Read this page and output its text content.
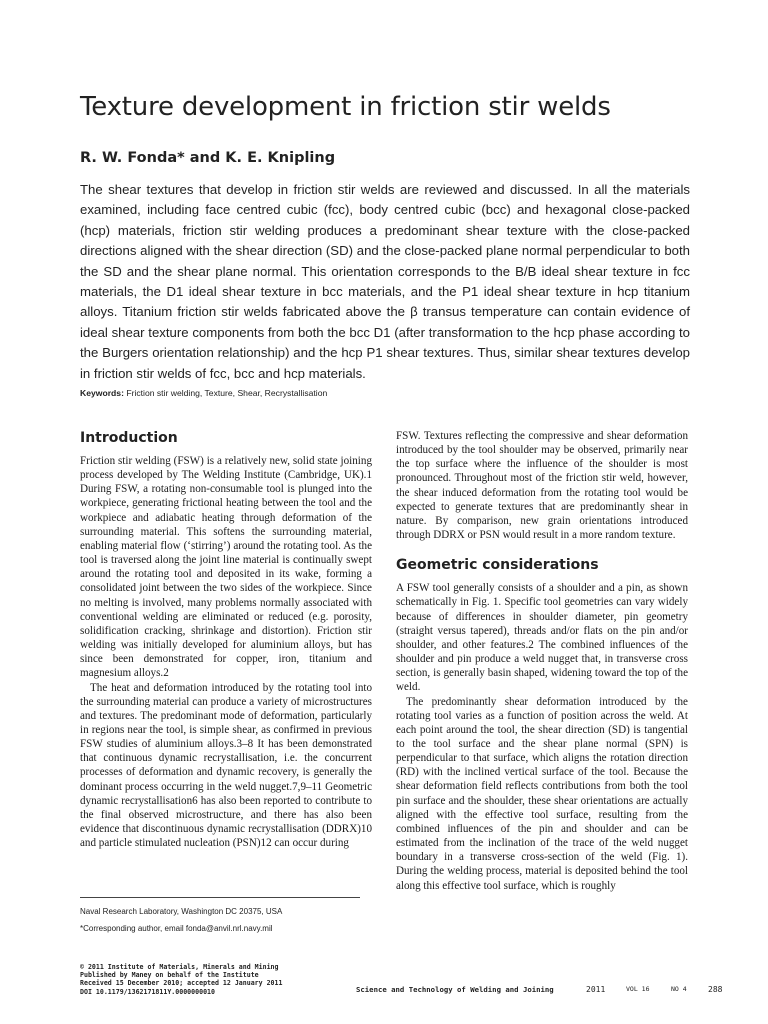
Texture development in friction stir welds
R. W. Fonda* and K. E. Knipling

The shear textures that develop in friction stir welds are reviewed and discussed. In all the materials examined, including face centred cubic (fcc), body centred cubic (bcc) and hexagonal close-packed (hcp) materials, friction stir welding produces a predominant shear texture with the close-packed directions aligned with the shear direction (SD) and the close-packed plane normal perpendicular to both the SD and the shear plane normal. This orientation corresponds to the B/B ideal shear texture in fcc materials, the D1 ideal shear texture in bcc materials, and the P1 ideal shear texture in hcp titanium alloys. Titanium friction stir welds fabricated above the β transus temperature can contain evidence of ideal shear texture components from both the bcc D1 (after transformation to the hcp phase according to the Burgers orientation relationship) and the hcp P1 shear textures. Thus, similar shear textures develop in friction stir welds of fcc, bcc and hcp materials.

Keywords: Friction stir welding, Texture, Shear, Recrystallisation
Introduction

Friction stir welding (FSW) is a relatively new, solid state joining process developed by The Welding Institute (Cambridge, UK).1 During FSW, a rotating non-consumable tool is plunged into the workpiece, generating frictional heating between the tool and the workpiece and adiabatic heating through deformation of the surrounding material. This softens the surrounding material, enabling material flow (‘stirring’) around the rotating tool. As the tool is traversed along the joint line material is continually swept around the rotating tool and deposited in its wake, forming a consolidated joint between the two sides of the workpiece. Since no melting is involved, many problems normally associated with conventional welding are eliminated or reduced (e.g. porosity, solidification cracking, shrinkage and distortion). Friction stir welding was initially developed for aluminium alloys, but has since been demonstrated for copper, iron, titanium and magnesium alloys.2

The heat and deformation introduced by the rotating tool into the surrounding material can produce a variety of microstructures and textures. The predominant mode of deformation, particularly in regions near the tool, is simple shear, as confirmed in previous FSW studies of aluminium alloys.3–8 It has been demonstrated that continuous dynamic recrystallisation, i.e. the concurrent processes of deformation and dynamic recovery, is generally the dominant process occurring in the weld nugget.7,9–11 Geometric dynamic recrystallisation6 has also been reported to contribute to the final observed microstructure, and there has also been evidence that discontinuous dynamic recrystallisation (DDRX)10 and particle stimulated nucleation (PSN)12 can occur during

FSW. Textures reflecting the compressive and shear deformation introduced by the tool shoulder may be observed, primarily near the top surface where the influence of the shoulder is most pronounced. Throughout most of the friction stir weld, however, the shear induced deformation from the rotating tool would be expected to generate textures that are predominantly shear in nature. By comparison, new grain orientations introduced through DDRX or PSN would result in a more random texture.

Geometric considerations

A FSW tool generally consists of a shoulder and a pin, as shown schematically in Fig. 1. Specific tool geometries can vary widely because of differences in shoulder diameter, pin geometry (straight versus tapered), threads and/or flats on the pin and/or shoulder, and other features.2 The combined influences of the shoulder and pin produce a weld nugget that, in transverse cross section, is generally basin shaped, widening toward the top of the weld.

The predominantly shear deformation introduced by the rotating tool varies as a function of position across the weld. At each point around the tool, the shear direction (SD) is tangential to the tool surface and the shear plane normal (SPN) is perpendicular to that surface, which aligns the rotation direction (RD) with the inclined vertical surface of the tool. Because the shear deformation field reflects contributions from both the tool pin surface and the shoulder, these shear orientations are actually aligned with the effective tool surface, resulting from the combined influences of the pin and shoulder and can be estimated from the inclination of the trace of the weld nugget boundary in a transverse cross-section of the weld (Fig. 1). During the welding process, material is deposited behind the tool along this effective tool surface, which is roughly

Naval Research Laboratory, Washington DC 20375, USA
*Corresponding author, email fonda@anvil.nrl.navy.mil
© 2011 Institute of Materials, Minerals and Mining
Published by Maney on behalf of the Institute
Received 15 December 2010; accepted 12 January 2011
DOI 10.1179/1362171811Y.0000000010	Science and Technology of Welding and Joining	2011	VOL 16	NO 4	288
